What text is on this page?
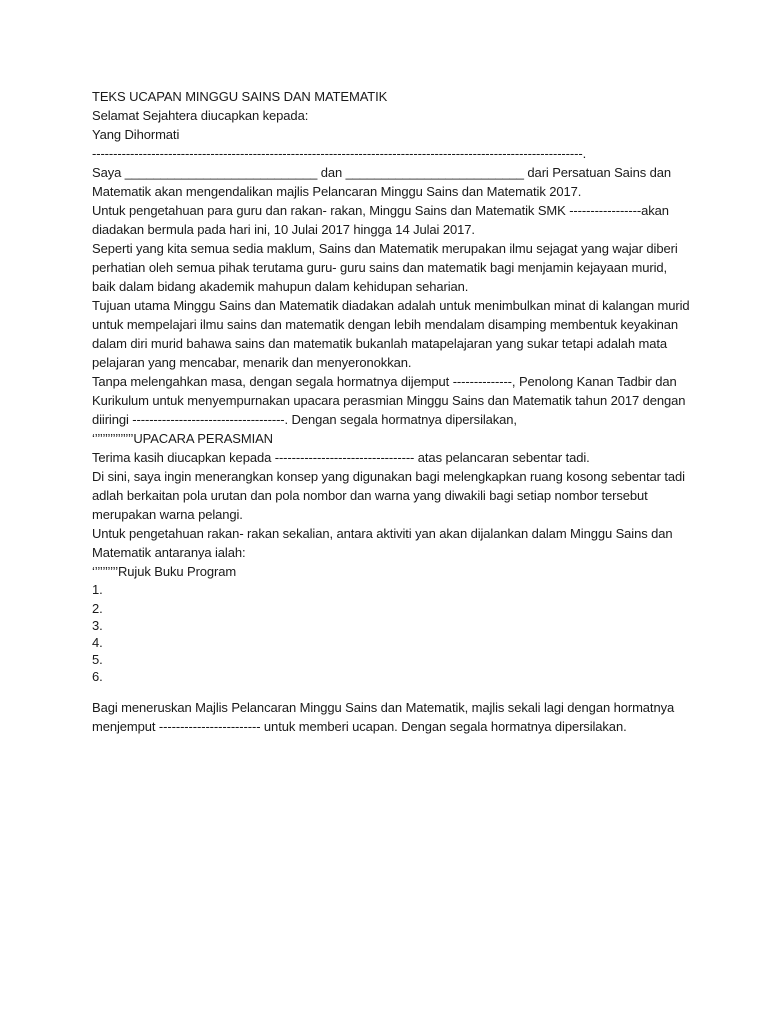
TEKS UCAPAN MINGGU SAINS DAN MATEMATIK

Selamat Sejahtera diucapkan kepada:

Yang Dihormati

--------------------------------------------------------------------------------------------------------------------.

Saya ___________________________ dan _________________________ dari Persatuan Sains dan Matematik akan mengendalikan majlis Pelancaran Minggu Sains dan Matematik 2017.

Untuk pengetahuan para guru dan rakan- rakan, Minggu Sains dan Matematik SMK -----------------akan diadakan bermula pada hari ini, 10 Julai 2017 hingga 14 Julai 2017.

Seperti yang kita semua sedia maklum, Sains dan Matematik merupakan ilmu sejagat yang wajar diberi perhatian oleh semua pihak terutama guru- guru sains dan matematik bagi menjamin kejayaan murid, baik dalam bidang akademik mahupun dalam kehidupan seharian.

Tujuan utama Minggu Sains dan Matematik diadakan adalah untuk menimbulkan minat di kalangan murid untuk mempelajari ilmu sains dan matematik dengan lebih mendalam disamping membentuk keyakinan dalam diri murid bahawa sains dan matematik bukanlah matapelajaran yang sukar tetapi adalah mata pelajaran yang mencabar, menarik dan menyeronokkan.

Tanpa melengahkan masa, dengan segala hormatnya dijemput --------------, Penolong Kanan Tadbir dan Kurikulum untuk menyempurnakan upacara perasmian Minggu Sains dan Matematik tahun 2017 dengan diiringi ------------------------------------. Dengan segala hormatnya dipersilakan,

‘’’’’’’’’’’’’’’’UPACARA PERASMIAN

Terima kasih diucapkan kepada --------------------------------- atas pelancaran sebentar tadi.

Di sini, saya ingin menerangkan konsep yang digunakan bagi melengkapkan ruang kosong sebentar tadi adlah berkaitan pola urutan dan pola nombor dan warna yang diwakili bagi setiap nombor tersebut merupakan warna pelangi.

Untuk pengetahuan rakan- rakan sekalian, antara aktiviti yan akan dijalankan dalam Minggu Sains dan Matematik antaranya ialah:

‘’’’’’’’’’Rujuk Buku Program

1.
2.
3.
4.
5.
6.

Bagi meneruskan Majlis Pelancaran Minggu Sains dan Matematik, majlis sekali lagi dengan hormatnya menjemput ------------------------ untuk memberi ucapan. Dengan segala hormatnya dipersilakan.
